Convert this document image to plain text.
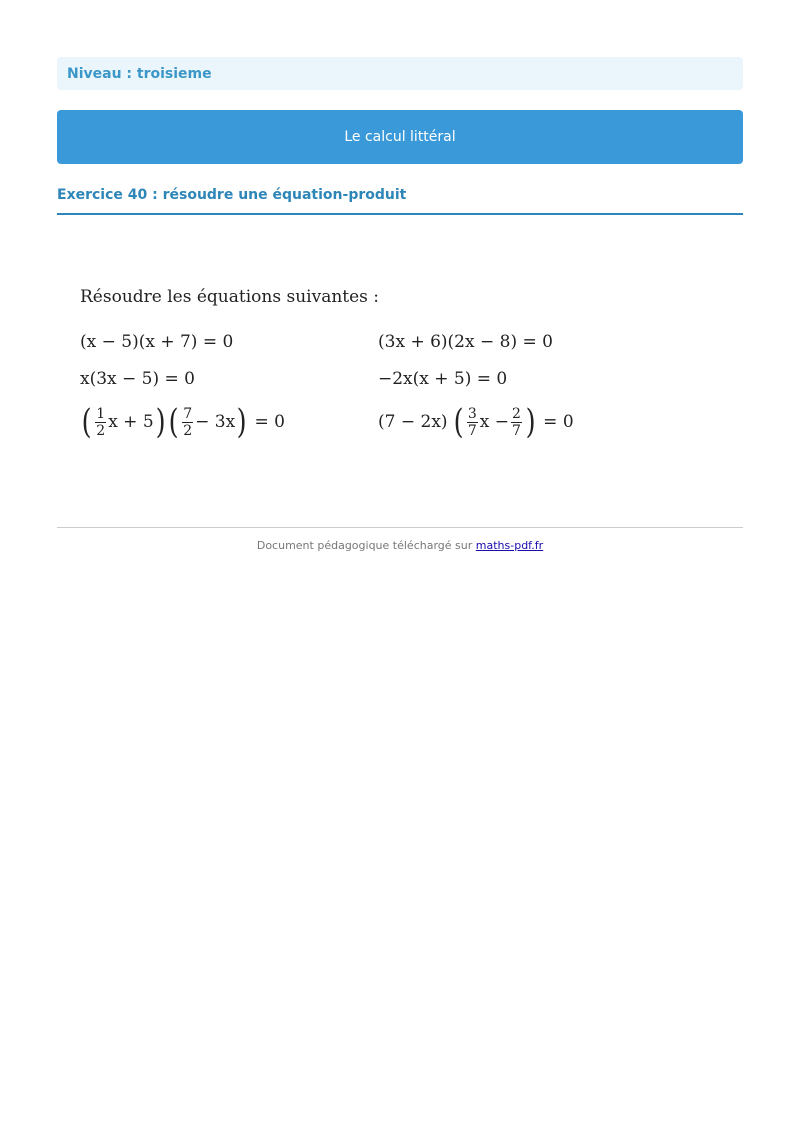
Niveau : troisieme
Le calcul littéral
Exercice 40 : résoudre une équation-produit
Résoudre les équations suivantes :
(x − 5)(x + 7) = 0	(3x + 6)(2x − 8) = 0
x(3x − 5) = 0	−2x(x + 5) = 0
( $\frac{1}{2}$ x + 5 ) ( $\frac{7}{2} - 3x$ ) = 0	(7 − 2x) ( $\frac{3}{7}$ $x - \frac{2}{7}$ ) = 0
Document pédagogique téléchargé sur maths-pdf.fr
